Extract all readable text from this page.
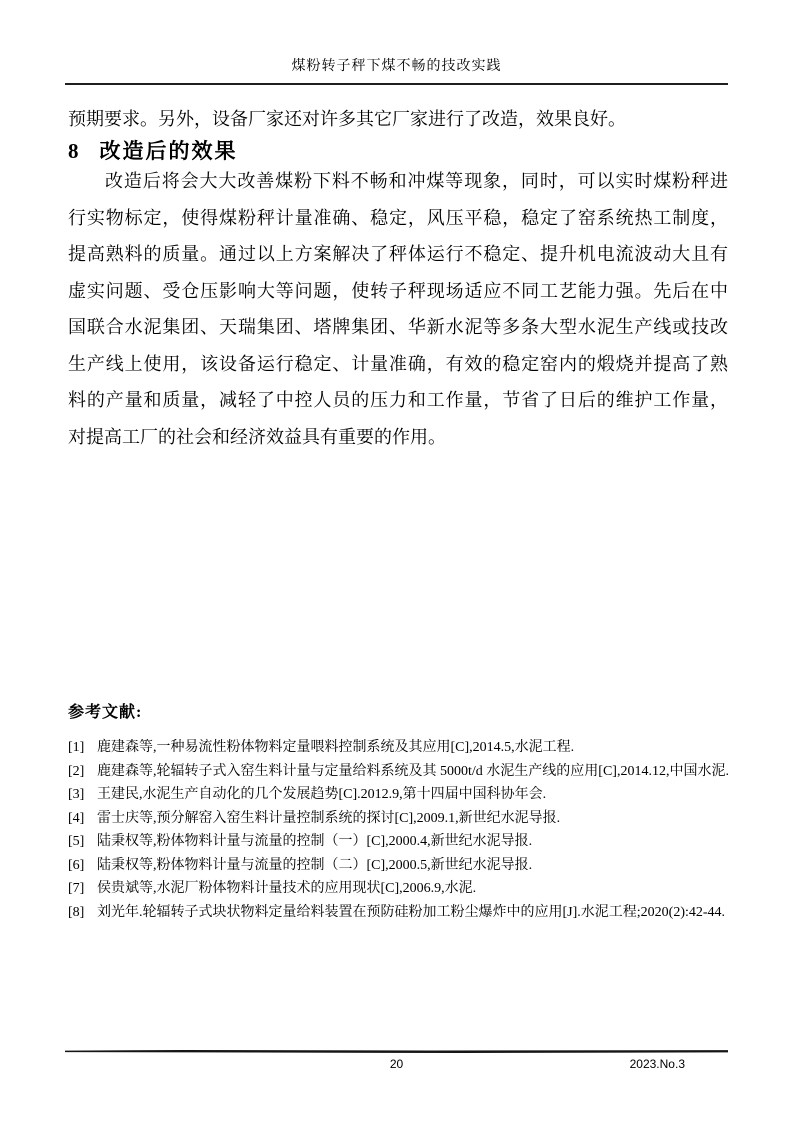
煤粉转子秤下煤不畅的技改实践

预期要求。另外，设备厂家还对许多其它厂家进行了改造，效果良好。

8 改造后的效果
改造后将会大大改善煤粉下料不畅和冲煤等现象，同时，可以实时煤粉秤进
行实物标定，使得煤粉秤计量准确、稳定，风压平稳，稳定了窑系统热工制度，
提高熟料的质量。通过以上方案解决了秤体运行不稳定、提升机电流波动大且有
虚实问题、受仓压影响大等问题，使转子秤现场适应不同工艺能力强。先后在中
国联合水泥集团、天瑞集团、塔牌集团、华新水泥等多条大型水泥生产线或技改
生产线上使用，该设备运行稳定、计量准确，有效的稳定窑内的煅烧并提高了熟
料的产量和质量，减轻了中控人员的压力和工作量，节省了日后的维护工作量，
对提高工厂的社会和经济效益具有重要的作用。
参考文献:
[1] 鹿建森等,一种易流性粉体物料定量喂料控制系统及其应用[C],2014.5,水泥工程.
[2] 鹿建森等,轮辐转子式入窑生料计量与定量给料系统及其 5000t/d 水泥生产线的应用[C],2014.12,中国水泥.
[3] 王建民,水泥生产自动化的几个发展趋势[C].2012.9,第十四届中国科协年会.
[4] 雷士庆等,预分解窑入窑生料计量控制系统的探讨[C],2009.1,新世纪水泥导报.
[5] 陆秉权等,粉体物料计量与流量的控制（一）[C],2000.4,新世纪水泥导报.
[6] 陆秉权等,粉体物料计量与流量的控制（二）[C],2000.5,新世纪水泥导报.
[7] 侯贵斌等,水泥厂粉体物料计量技术的应用现状[C],2006.9,水泥.
[8] 刘光年.轮辐转子式块状物料定量给料装置在预防硅粉加工粉尘爆炸中的应用[J].水泥工程;2020(2):42-44.
20	2023.No.3
